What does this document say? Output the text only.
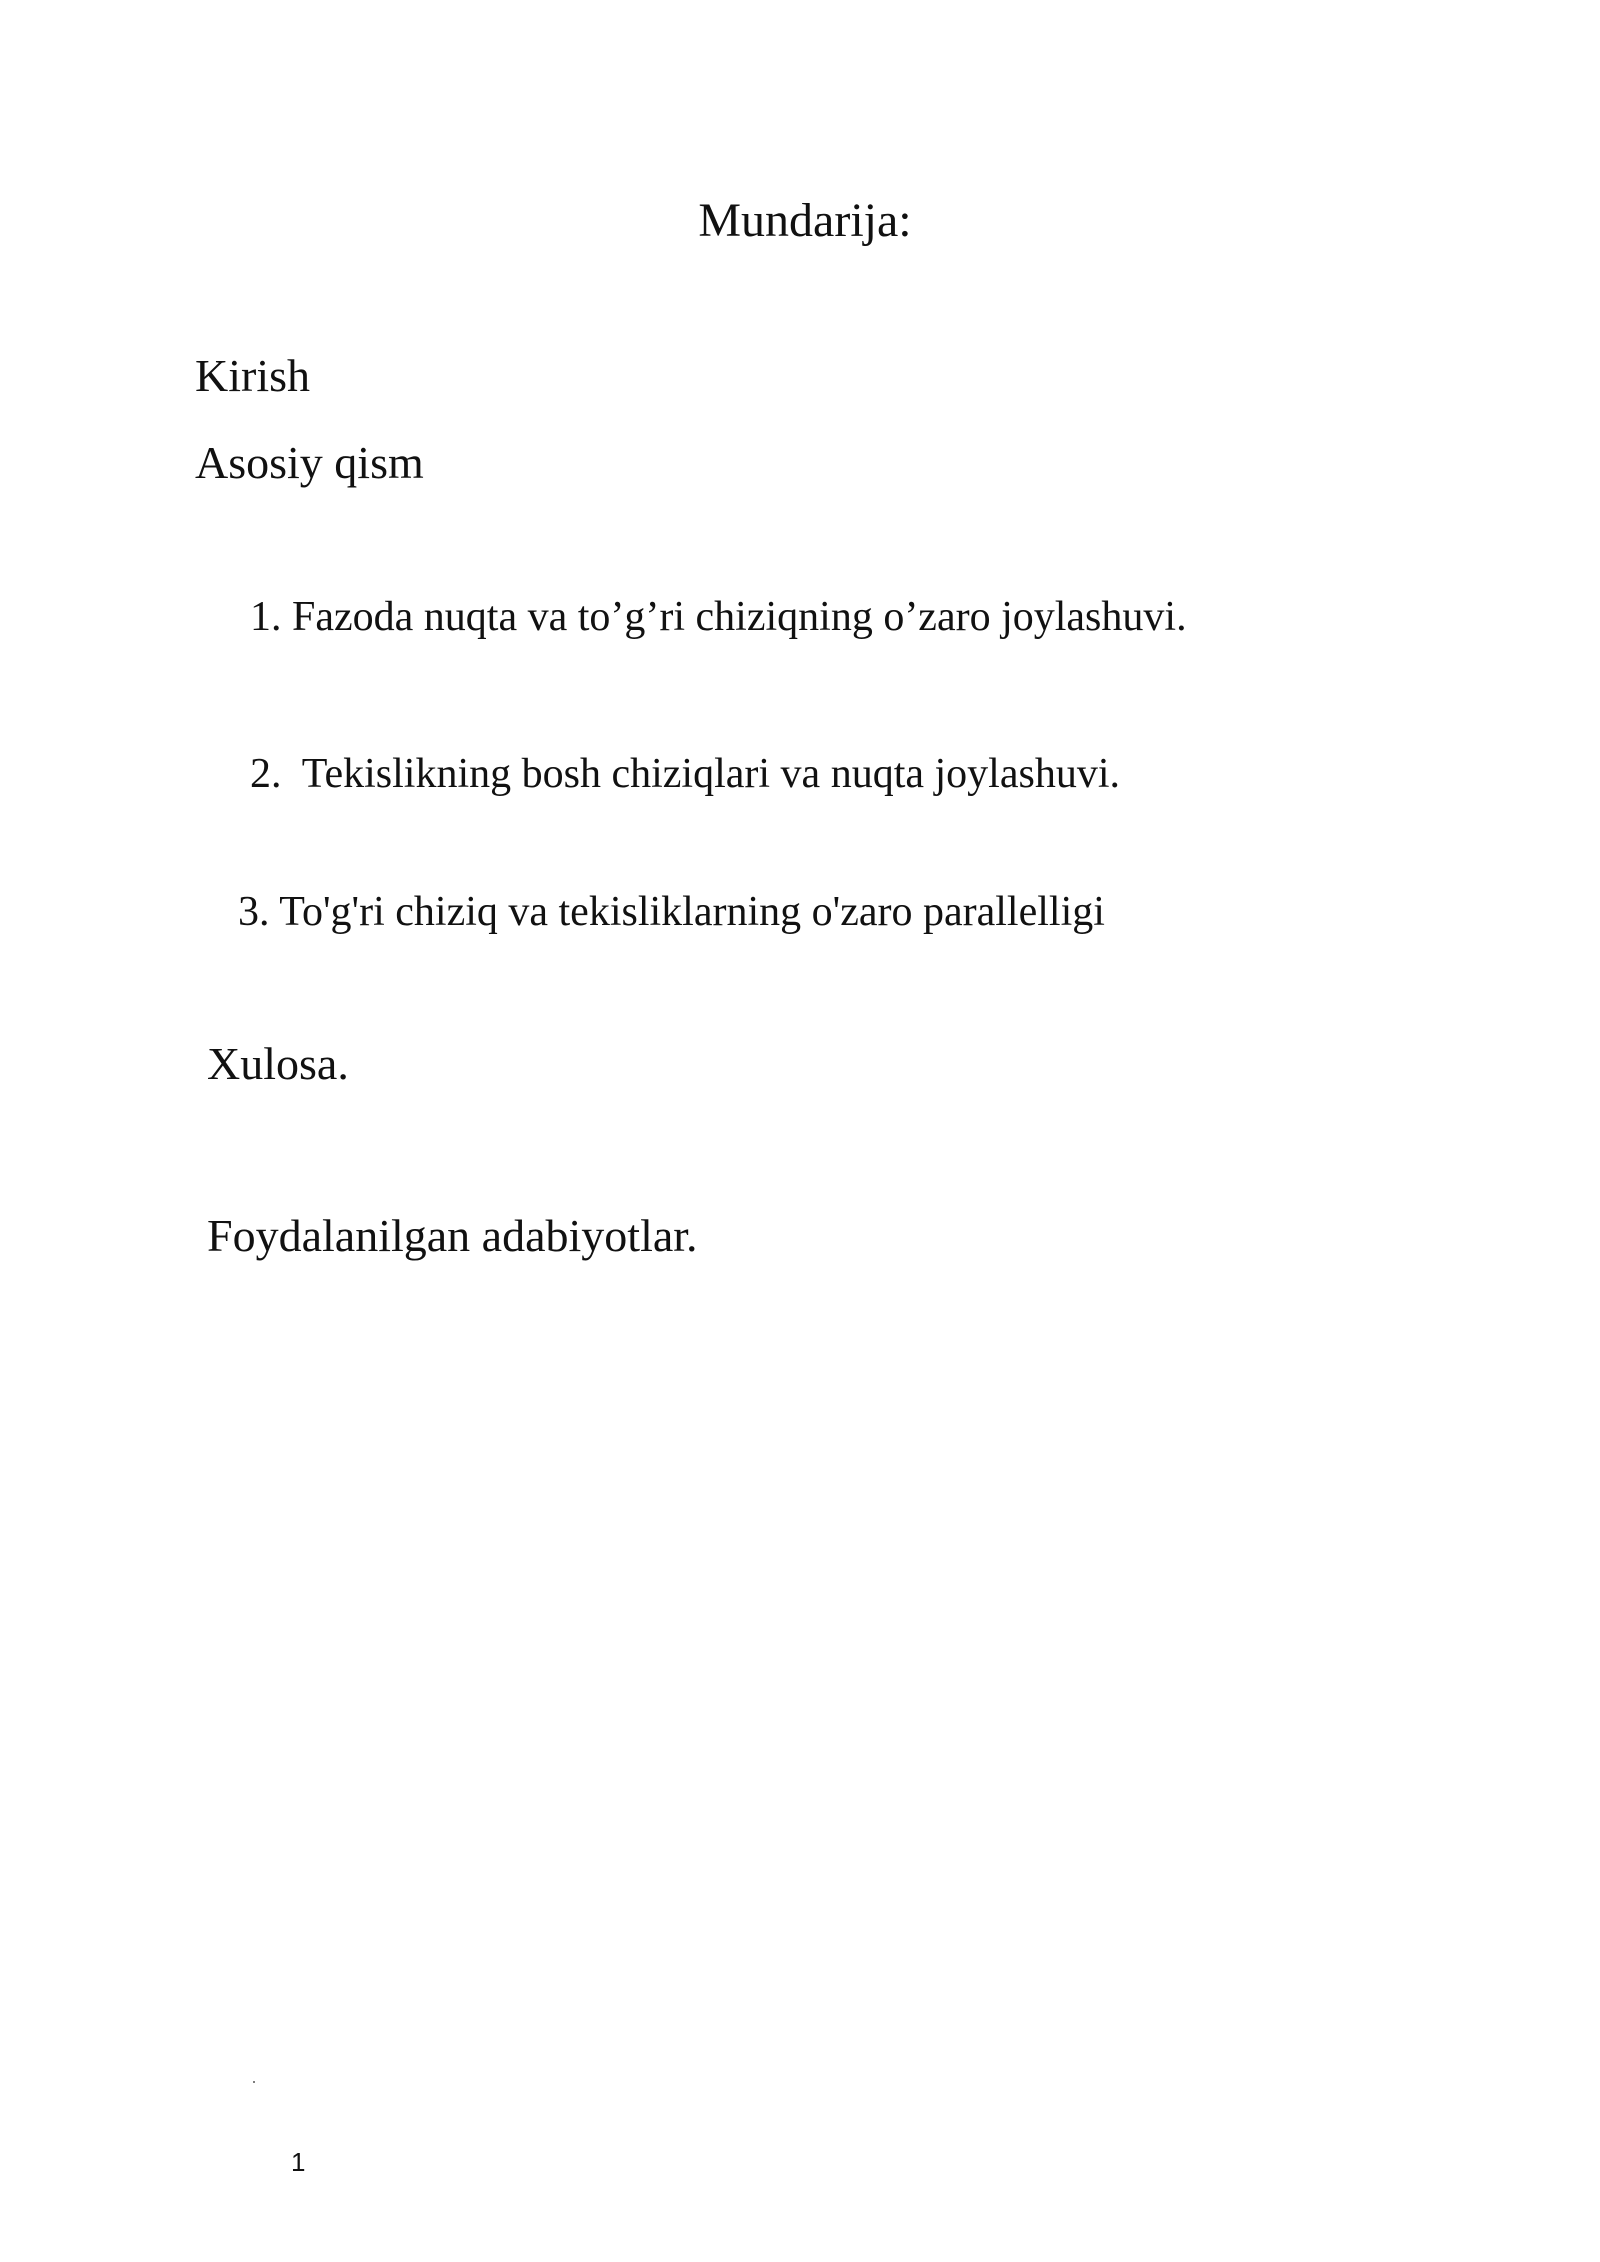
Mundarija:
Kirish
Asosiy qism
1. Fazoda nuqta va to’g’ri chiziqning o’zaro joylashuvi.
2.  Tekislikning bosh chiziqlari va nuqta joylashuvi.
3. To'g'ri chiziq va tekisliklarning o'zaro parallelligi
Xulosa.
Foydalanilgan adabiyotlar.
1
